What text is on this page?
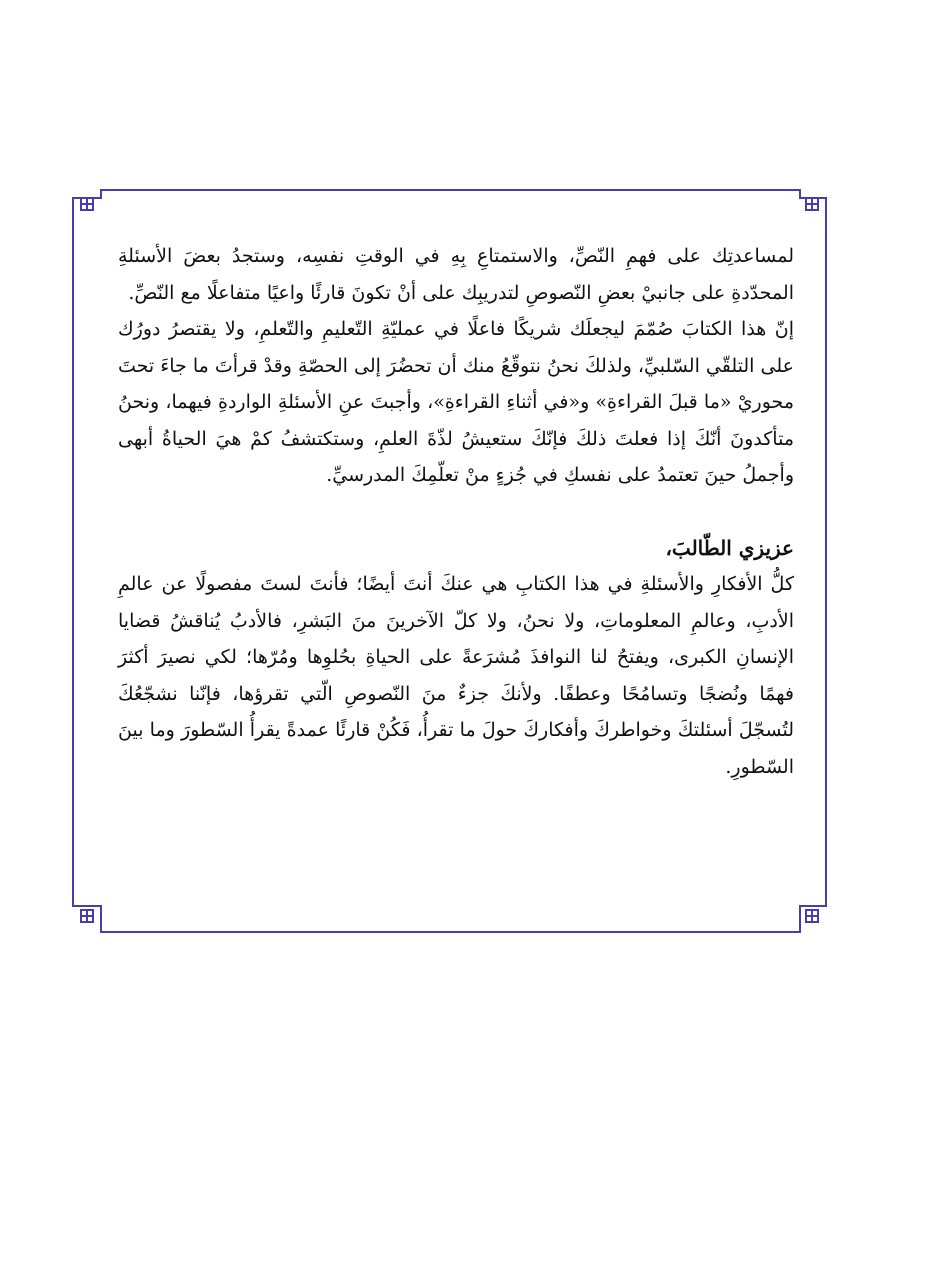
لمساعدتِك على فهمِ النّصِّ، والاستمتاعِ بِهِ في الوقتِ نفسِه، وستجدُ بعضَ الأسئلةِ المحدّدةِ على جانبيْ بعضِ النّصوصِ لتدريبِك على أنْ تكونَ قارئًا واعيًا متفاعلًا مع النّصِّ.

إنّ هذا الكتابَ صُمّمَ ليجعلَك شريكًا فاعلًا في عمليّةِ التّعليمِ والتّعلمِ، ولا يقتصرُ دورُك على التلقّي السّلبيِّ، ولذلكَ نحنُ نتوقّعُ منك أن تحضُرَ إلى الحصّةِ وقدْ قرأتَ ما جاءَ تحتَ محوريْ «ما قبلَ القراءةِ» و«في أثناءِ القراءةِ»، وأجبتَ عنِ الأسئلةِ الواردةِ فيهما، ونحنُ متأكدونَ أنّكَ إذا فعلتَ ذلكَ فإنّكَ ستعيشُ لذّةَ العلمِ، وستكتشفُ كمْ هيَ الحياةُ أبهى وأجملُ حينَ تعتمدُ على نفسكِ في جُزءٍ منْ تعلّمِكَ المدرسيِّ.

عزيزي الطّالبَ،

كلُّ الأفكارِ والأسئلةِ في هذا الكتابِ هي عنكَ أنتَ أيضًا؛ فأنتَ لستَ مفصولًا عن عالمِ الأدبِ، وعالمِ المعلوماتِ، ولا نحنُ، ولا كلّ الآخرينَ منَ البَشرِ، فالأدبُ يُناقشُ قضايا الإنسانِ الكبرى، ويفتحُ لنا النوافذَ مُشرَعةً على الحياةِ بحُلوِها ومُرّها؛ لكي نصيرَ أكثرَ فهمًا ونُضجًا وتسامُحًا وعطفًا. ولأنكَ جزءٌ منَ النّصوصِ الّتي تقرؤها، فإنّنا نشجّعُكَ لتُسجّلَ أسئلتكَ وخواطركَ وأفكاركَ حولَ ما تقرأُ، فَكُنْ قارئًا عمدةً يقرأُ السّطورَ وما بينَ السّطورِ.
